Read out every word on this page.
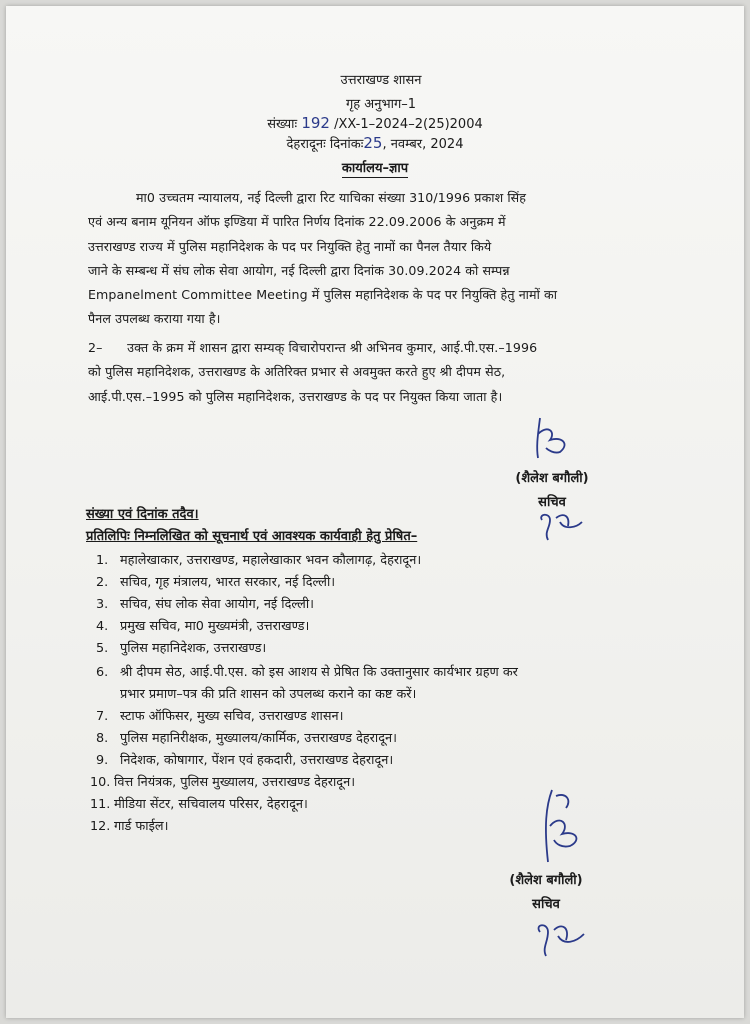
उत्तराखण्ड शासन
गृह अनुभाग–1
संख्याः 192 /XX-1–2024–2(25)2004
देहरादूनः दिनांकः25, नवम्बर, 2024
कार्यालय–ज्ञाप
मा0 उच्चतम न्यायालय, नई दिल्ली द्वारा रिट याचिका संख्या 310/1996 प्रकाश सिंह
एवं अन्य बनाम यूनियन ऑफ इण्डिया में पारित निर्णय दिनांक 22.09.2006 के अनुक्रम में
उत्तराखण्ड राज्य में पुलिस महानिदेशक के पद पर नियुक्ति हेतु नामों का पैनल तैयार किये
जाने के सम्बन्ध में संघ लोक सेवा आयोग, नई दिल्ली द्वारा दिनांक 30.09.2024 को सम्पन्न
Empanelment Committee Meeting में पुलिस महानिदेशक के पद पर नियुक्ति हेतु नामों का
पैनल उपलब्ध कराया गया है।
2–      उक्त के क्रम में शासन द्वारा सम्यक् विचारोपरान्त श्री अभिनव कुमार, आई.पी.एस.–1996
को पुलिस महानिदेशक, उत्तराखण्ड के अतिरिक्त प्रभार से अवमुक्त करते हुए श्री दीपम सेठ,
आई.पी.एस.–1995 को पुलिस महानिदेशक, उत्तराखण्ड के पद पर नियुक्त किया जाता है।
(शैलेश बगौली)
सचिव
संख्या एवं दिनांक तदैव।
प्रतिलिपिः निम्नलिखित को सूचनार्थ एवं आवश्यक कार्यवाही हेतु प्रेषित–
1. महालेखाकार, उत्तराखण्ड, महालेखाकार भवन कौलागढ़, देहरादून।
2. सचिव, गृह मंत्रालय, भारत सरकार, नई दिल्ली।
3. सचिव, संघ लोक सेवा आयोग, नई दिल्ली।
4. प्रमुख सचिव, मा0 मुख्यमंत्री, उत्तराखण्ड।
5. पुलिस महानिदेशक, उत्तराखण्ड।
6. श्री दीपम सेठ, आई.पी.एस. को इस आशय से प्रेषित कि उक्तानुसार कार्यभार ग्रहण कर
प्रभार प्रमाण–पत्र की प्रति शासन को उपलब्ध कराने का कष्ट करें।
7. स्टाफ ऑफिसर, मुख्य सचिव, उत्तराखण्ड शासन।
8. पुलिस महानिरीक्षक, मुख्यालय/कार्मिक, उत्तराखण्ड देहरादून।
9. निदेशक, कोषागार, पेंशन एवं हकदारी, उत्तराखण्ड देहरादून।
10. वित्त नियंत्रक, पुलिस मुख्यालय, उत्तराखण्ड देहरादून।
11. मीडिया सेंटर, सचिवालय परिसर, देहरादून।
12. गार्ड फाईल।
(शैलेश बगौली)
सचिव
